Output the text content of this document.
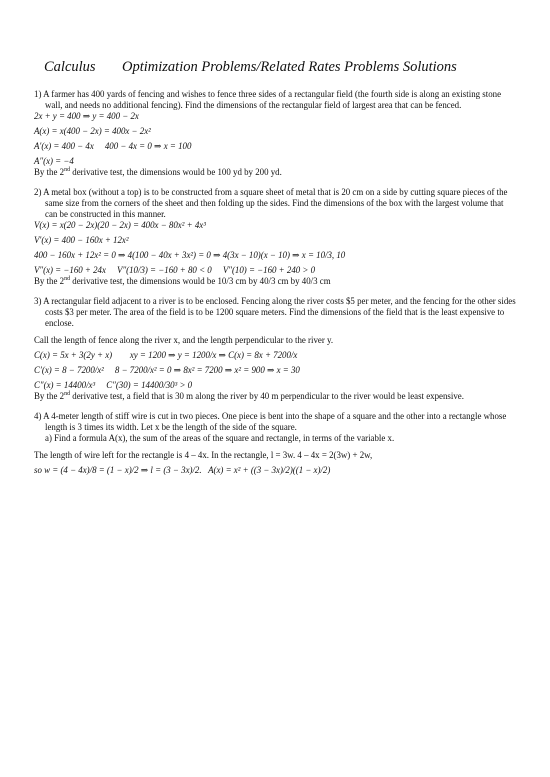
Calculus Optimization Problems/Related Rates Problems Solutions

1) A farmer has 400 yards of fencing and wishes to fence three sides of a rectangular field (the fourth side is along an existing stone wall, and needs no additional fencing). Find the dimensions of the rectangular field of largest area that can be fenced.

2x + y = 400 ⇒ y = 400 − 2x

A(x) = x(400 − 2x) = 400x − 2x²

A′(x) = 400 − 4x     400 − 4x = 0 ⇒ x = 100

A″(x) = −4

By the 2nd derivative test, the dimensions would be 100 yd by 200 yd.

2) A metal box (without a top) is to be constructed from a square sheet of metal that is 20 cm on a side by cutting square pieces of the same size from the corners of the sheet and then folding up the sides. Find the dimensions of the box with the largest volume that can be constructed in this manner.

V(x) = x(20 − 2x)(20 − 2x) = 400x − 80x² + 4x³

V′(x) = 400 − 160x + 12x²

400 − 160x + 12x² = 0 ⇒ 4(100 − 40x + 3x²) = 0 ⇒ 4(3x − 10)(x − 10) ⇒ x = 10/3, 10

V″(x) = −160 + 24x     V″(10/3) = −160 + 80 < 0     V″(10) = −160 + 240 > 0

By the 2nd derivative test, the dimensions would be 10/3 cm by 40/3 cm by 40/3 cm

3) A rectangular field adjacent to a river is to be enclosed. Fencing along the river costs $5 per meter, and the fencing for the other sides costs $3 per meter. The area of the field is to be 1200 square meters. Find the dimensions of the field that is the least expensive to enclose.

Call the length of fence along the river x, and the length perpendicular to the river y.

C(x) = 5x + 3(2y + x)        xy = 1200 ⇒ y = 1200/x ⇒ C(x) = 8x + 7200/x

C′(x) = 8 − 7200/x²     8 − 7200/x² = 0 ⇒ 8x² = 7200 ⇒ x² = 900 ⇒ x = 30

C″(x) = 14400/x³     C″(30) = 14400/30³ > 0

By the 2nd derivative test, a field that is 30 m along the river by 40 m perpendicular to the river would be least expensive.

4) A 4-meter length of stiff wire is cut in two pieces. One piece is bent into the shape of a square and the other into a rectangle whose length is 3 times its width. Let x be the length of the side of the square.

a) Find a formula A(x), the sum of the areas of the square and rectangle, in terms of the variable x.

The length of wire left for the rectangle is 4 – 4x. In the rectangle, l = 3w. 4 – 4x = 2(3w) + 2w,

so w = (4 − 4x)/8 = (1 − x)/2 ⇒ l = (3 − 3x)/2.   A(x) = x² + ((3 − 3x)/2)((1 − x)/2)
